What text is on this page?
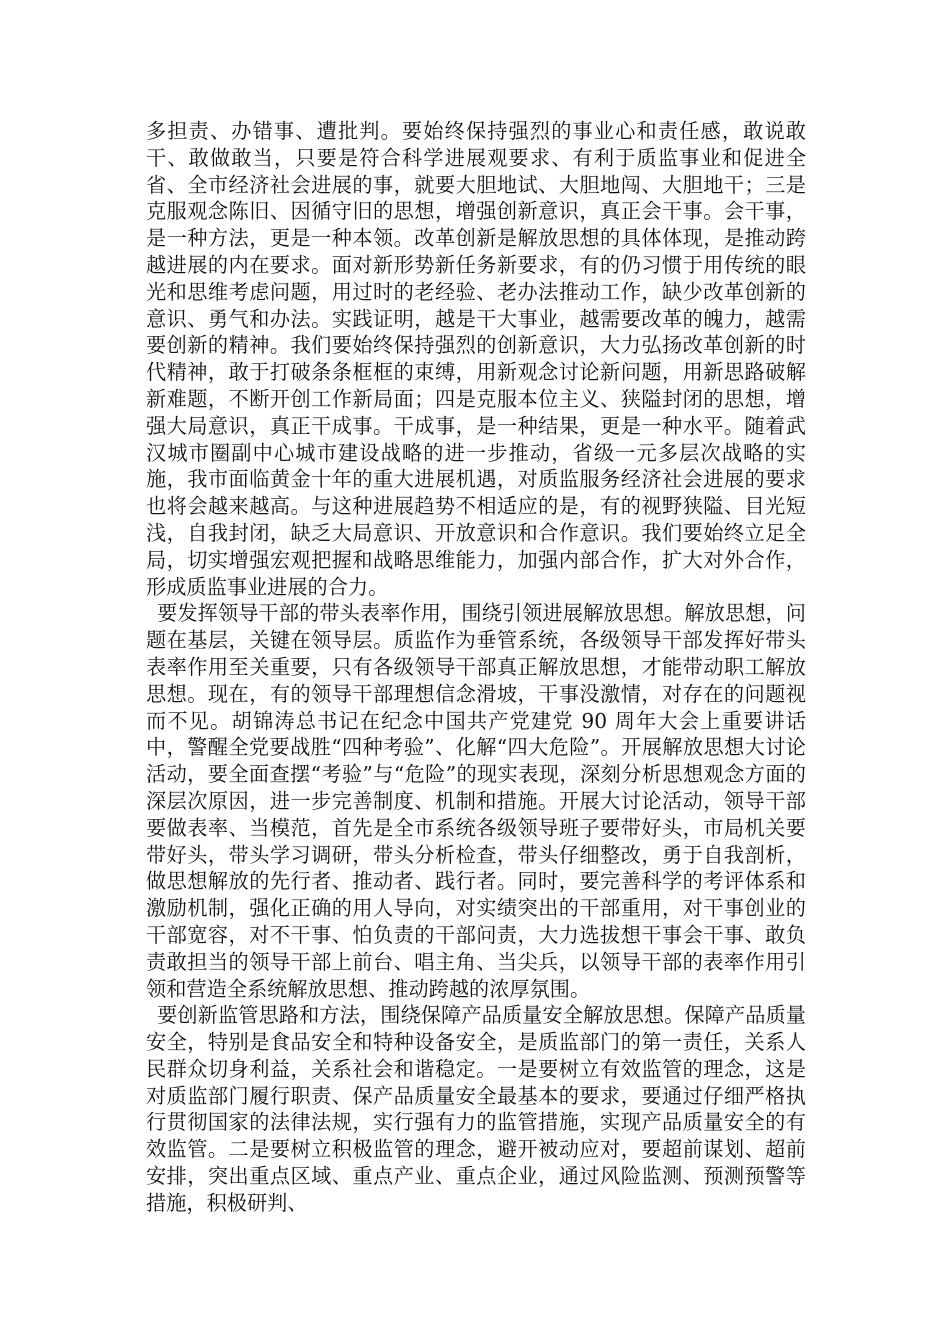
多担责、办错事、遭批判。要始终保持强烈的事业心和责任感，敢说敢干、敢做敢当，只要是符合科学进展观要求、有利于质监事业和促进全省、全市经济社会进展的事，就要大胆地试、大胆地闯、大胆地干；三是克服观念陈旧、因循守旧的思想，增强创新意识，真正会干事。会干事，是一种方法，更是一种本领。改革创新是解放思想的具体体现，是推动跨越进展的内在要求。面对新形势新任务新要求，有的仍习惯于用传统的眼光和思维考虑问题，用过时的老经验、老办法推动工作，缺少改革创新的意识、勇气和办法。实践证明，越是干大事业，越需要改革的魄力，越需要创新的精神。我们要始终保持强烈的创新意识，大力弘扬改革创新的时代精神，敢于打破条条框框的束缚，用新观念讨论新问题，用新思路破解新难题，不断开创工作新局面；四是克服本位主义、狭隘封闭的思想，增强大局意识，真正干成事。干成事，是一种结果，更是一种水平。随着武汉城市圈副中心城市建设战略的进一步推动，省级一元多层次战略的实施，我市面临黄金十年的重大进展机遇，对质监服务经济社会进展的要求也将会越来越高。与这种进展趋势不相适应的是，有的视野狭隘、目光短浅，自我封闭，缺乏大局意识、开放意识和合作意识。我们要始终立足全局，切实增强宏观把握和战略思维能力，加强内部合作，扩大对外合作，形成质监事业进展的合力。

要发挥领导干部的带头表率作用，围绕引领进展解放思想。解放思想，问题在基层，关键在领导层。质监作为垂管系统，各级领导干部发挥好带头表率作用至关重要，只有各级领导干部真正解放思想，才能带动职工解放思想。现在，有的领导干部理想信念滑坡，干事没激情，对存在的问题视而不见。胡锦涛总书记在纪念中国共产党建党 90 周年大会上重要讲话中，警醒全党要战胜“四种考验”、化解“四大危险”。开展解放思想大讨论活动，要全面查摆“考验”与“危险”的现实表现，深刻分析思想观念方面的深层次原因，进一步完善制度、机制和措施。开展大讨论活动，领导干部要做表率、当模范，首先是全市系统各级领导班子要带好头，市局机关要带好头，带头学习调研，带头分析检查，带头仔细整改，勇于自我剖析，做思想解放的先行者、推动者、践行者。同时，要完善科学的考评体系和激励机制，强化正确的用人导向，对实绩突出的干部重用，对干事创业的干部宽容，对不干事、怕负责的干部问责，大力选拔想干事会干事、敢负责敢担当的领导干部上前台、唱主角、当尖兵，以领导干部的表率作用引领和营造全系统解放思想、推动跨越的浓厚氛围。

要创新监管思路和方法，围绕保障产品质量安全解放思想。保障产品质量安全，特别是食品安全和特种设备安全，是质监部门的第一责任，关系人民群众切身利益，关系社会和谐稳定。一是要树立有效监管的理念，这是对质监部门履行职责、保产品质量安全最基本的要求，要通过仔细严格执行贯彻国家的法律法规，实行强有力的监管措施，实现产品质量安全的有效监管。二是要树立积极监管的理念，避开被动应对，要超前谋划、超前安排，突出重点区域、重点产业、重点企业，通过风险监测、预测预警等措施，积极研判、
